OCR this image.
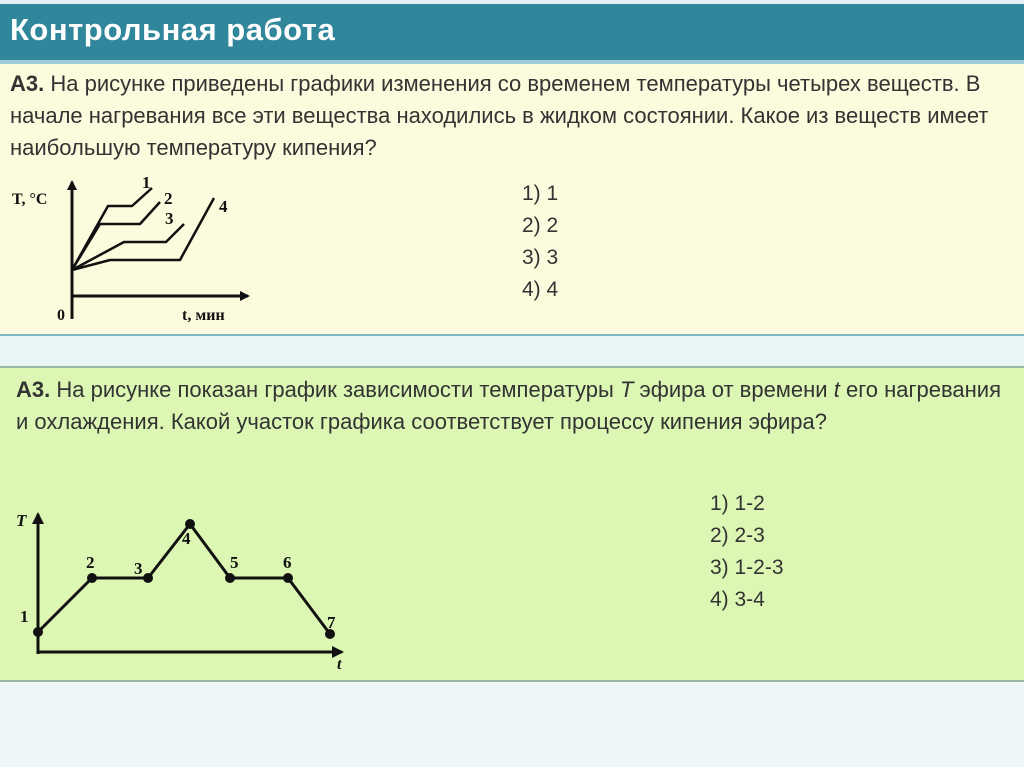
Контрольная работа
А3. На рисунке приведены графики изменения со временем температуры четырех веществ. В начале нагревания все эти вещества находились в жидком состоянии. Какое из веществ имеет наибольшую температуру кипения?
T, °C
t, мин
0
1
2
3
4
1) 1
2) 2
3) 3
4) 4
А3. На рисунке показан график зависимости температуры Т эфира от времени t его нагревания и охлаждения. Какой участок графика соответствует процессу кипения эфира?
T
t
1
2 3
4
5	6
7
1) 1-2
2) 2-3
3) 1-2-3
4) 3-4
